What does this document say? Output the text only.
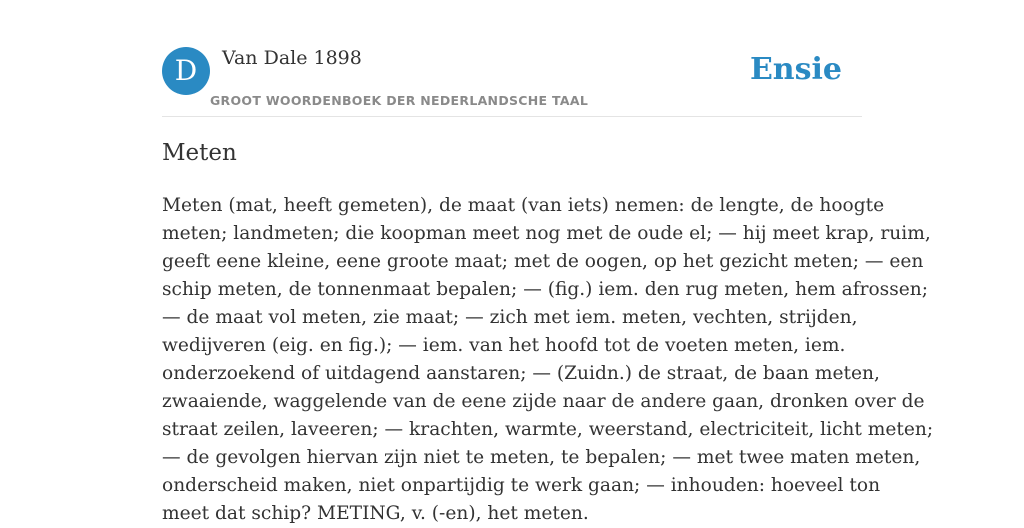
D	Van Dale 1898
GROOT WOORDENBOEK DER NEDERLANDSCHE TAAL
Ensie
Meten

Meten (mat, heeft gemeten), de maat (van iets) nemen: de lengte, de hoogte
meten; landmeten; die koopman meet nog met de oude el; — hij meet krap, ruim,
geeft eene kleine, eene groote maat; met de oogen, op het gezicht meten; — een
schip meten, de tonnenmaat bepalen; — (fig.) iem. den rug meten, hem afrossen;
— de maat vol meten, zie maat; — zich met iem. meten, vechten, strijden,
wedijveren (eig. en fig.); — iem. van het hoofd tot de voeten meten, iem.
onderzoekend of uitdagend aanstaren; — (Zuidn.) de straat, de baan meten,
zwaaiende, waggelende van de eene zijde naar de andere gaan, dronken over de
straat zeilen, laveeren; — krachten, warmte, weerstand, electriciteit, licht meten;
— de gevolgen hiervan zijn niet te meten, te bepalen; — met twee maten meten,
onderscheid maken, niet onpartijdig te werk gaan; — inhouden: hoeveel ton
meet dat schip? METING, v. (-en), het meten.
